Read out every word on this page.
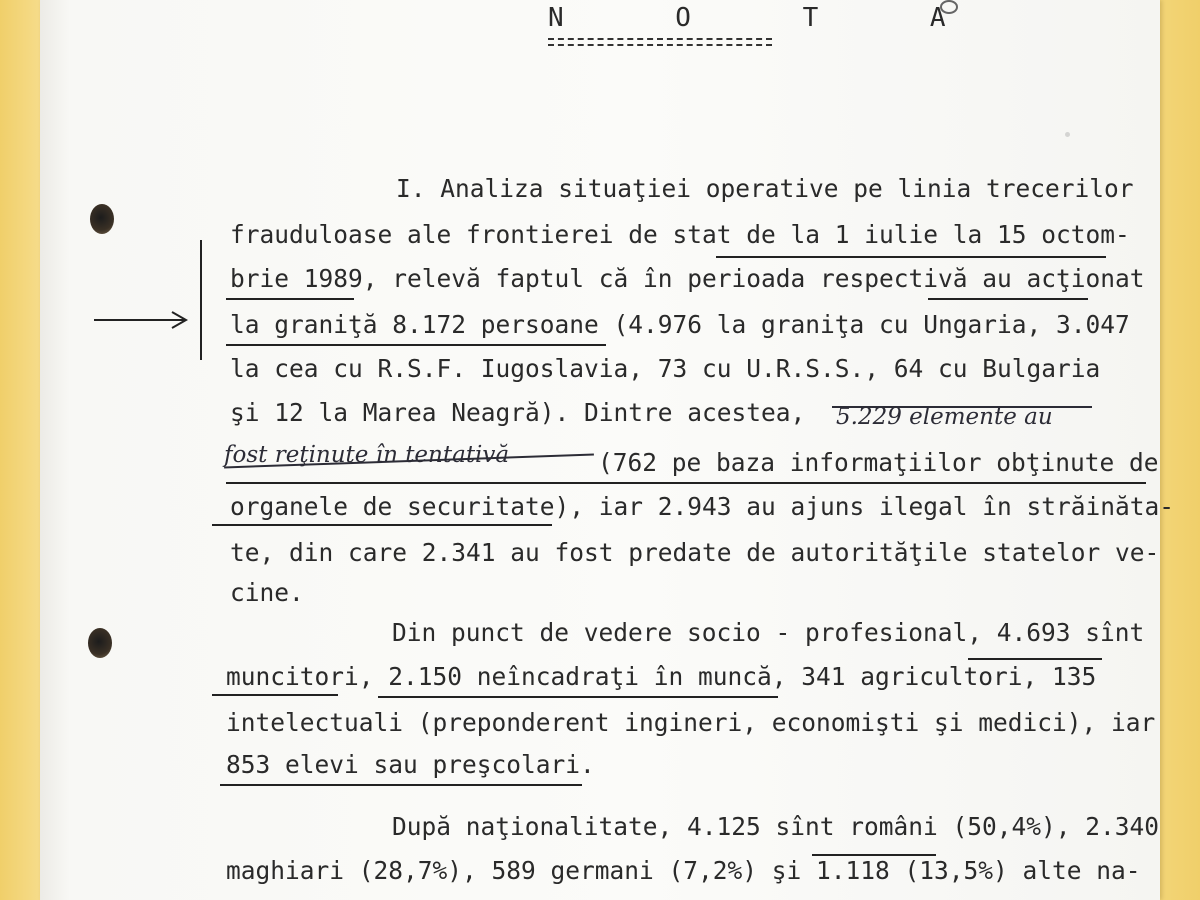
N O T A
I. Analiza situaţiei operative pe linia trecerilor
frauduloase ale frontierei de stat de la 1 iulie la 15 octom-
brie 1989, relevă faptul că în perioada respectivă au acţionat
la graniţă 8.172 persoane (4.976 la graniţa cu Ungaria, 3.047
la cea cu R.S.F. Iugoslavia, 73 cu U.R.S.S., 64 cu Bulgaria
şi 12 la Marea Neagră). Dintre acestea,
(762 pe baza informaţiilor obţinute de
organele de securitate), iar 2.943 au ajuns ilegal în străinăta-
te, din care 2.341 au fost predate de autorităţile statelor ve-
cine.
5.229 elemente au
fost reţinute în tentativă
Din punct de vedere socio - profesional, 4.693 sînt
muncitori, 2.150 neîncadraţi în muncă, 341 agricultori, 135
intelectuali (preponderent ingineri, economişti şi medici), iar
853 elevi sau preşcolari.
După naţionalitate, 4.125 sînt români (50,4%), 2.340
maghiari (28,7%), 589 germani (7,2%) şi 1.118 (13,5%) alte na-
